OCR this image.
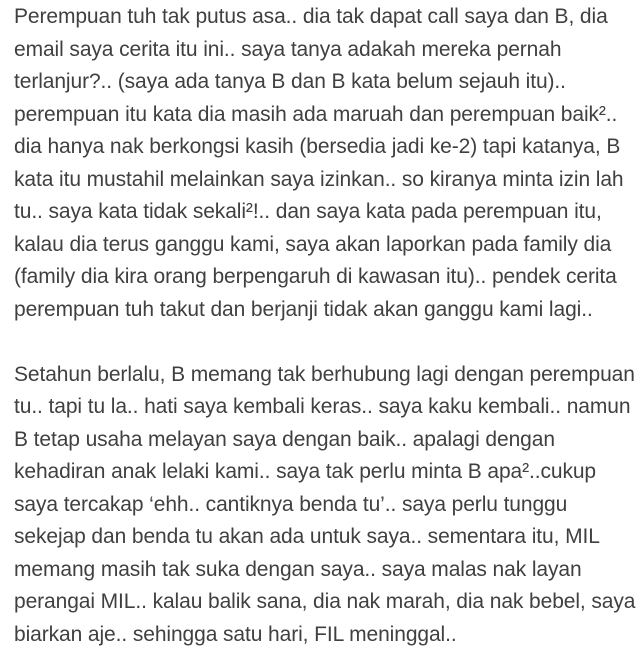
Perempuan tuh tak putus asa.. dia tak dapat call saya dan B, dia
email saya cerita itu ini.. saya tanya adakah mereka pernah
terlanjur?.. (saya ada tanya B dan B kata belum sejauh itu)..
perempuan itu kata dia masih ada maruah dan perempuan baik²..
dia hanya nak berkongsi kasih (bersedia jadi ke-2) tapi katanya, B
kata itu mustahil melainkan saya izinkan.. so kiranya minta izin lah
tu.. saya kata tidak sekali²!.. dan saya kata pada perempuan itu,
kalau dia terus ganggu kami, saya akan laporkan pada family dia
(family dia kira orang berpengaruh di kawasan itu).. pendek cerita
perempuan tuh takut dan berjanji tidak akan ganggu kami lagi..

Setahun berlalu, B memang tak berhubung lagi dengan perempuan
tu.. tapi tu la.. hati saya kembali keras.. saya kaku kembali.. namun
B tetap usaha melayan saya dengan baik.. apalagi dengan
kehadiran anak lelaki kami.. saya tak perlu minta B apa²..cukup
saya tercakap ‘ehh.. cantiknya benda tu’.. saya perlu tunggu
sekejap dan benda tu akan ada untuk saya.. sementara itu, MIL
memang masih tak suka dengan saya.. saya malas nak layan
perangai MIL.. kalau balik sana, dia nak marah, dia nak bebel, saya
biarkan aje.. sehingga satu hari, FIL meninggal..
